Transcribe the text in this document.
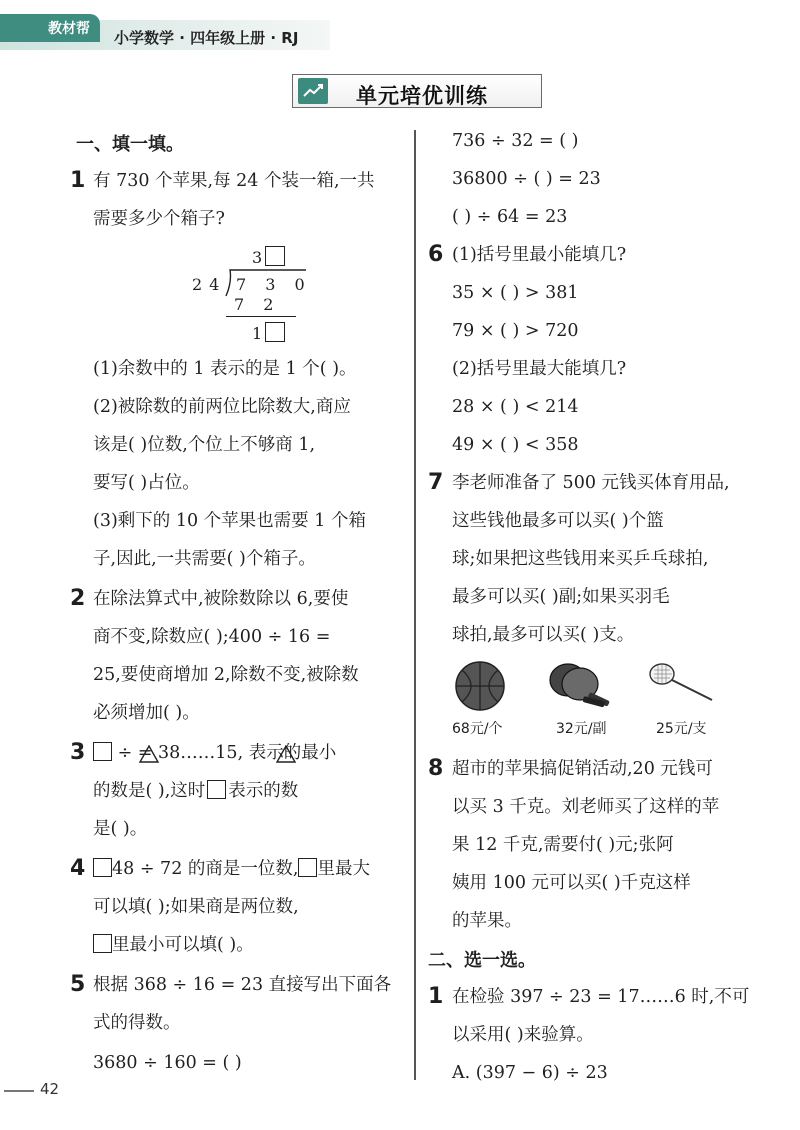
教材帮 小学数学 · 四年级上册 · RJ
单元培优训练
一、填一填。
1 有 730 个苹果,每 24 个装一箱,一共
需要多少个箱子?
3
24 7 3 0
7 2
1
(1)余数中的 1 表示的是 1 个( )。
(2)被除数的前两位比除数大,商应
该是( )位数,个位上不够商 1,
要写( )占位。
(3)剩下的 10 个苹果也需要 1 个箱
子,因此,一共需要( )个箱子。
2 在除法算式中,被除数除以 6,要使
商不变,除数应( );400 ÷ 16 =
25,要使商增加 2,除数不变,被除数
必须增加( )。
3	÷ = 38……15, 表示的最小
的数是( ),这时 表示的数
是( )。
4	48 ÷ 72 的商是一位数, 里最大
可以填( );如果商是两位数,
里最小可以填( )。
5 根据 368 ÷ 16 = 23 直接写出下面各
式的得数。
3680 ÷ 160 = ( )
736 ÷ 32 = ( )
36800 ÷ ( ) = 23
( ) ÷ 64 = 23
6 (1)括号里最小能填几?
35 × ( ) > 381
79 × ( ) > 720
(2)括号里最大能填几?
28 × ( ) < 214
49 × ( ) < 358
7 李老师准备了 500 元钱买体育用品,
这些钱他最多可以买( )个篮
球;如果把这些钱用来买乒乓球拍,
最多可以买( )副;如果买羽毛
球拍,最多可以买( )支。
68元/个	32元/副	25元/支
8 超市的苹果搞促销活动,20 元钱可
以买 3 千克。刘老师买了这样的苹
果 12 千克,需要付( )元;张阿
姨用 100 元可以买( )千克这样
的苹果。
二、选一选。
1 在检验 397 ÷ 23 = 17……6 时,不可
以采用( )来验算。
A. (397 − 6) ÷ 23
42
